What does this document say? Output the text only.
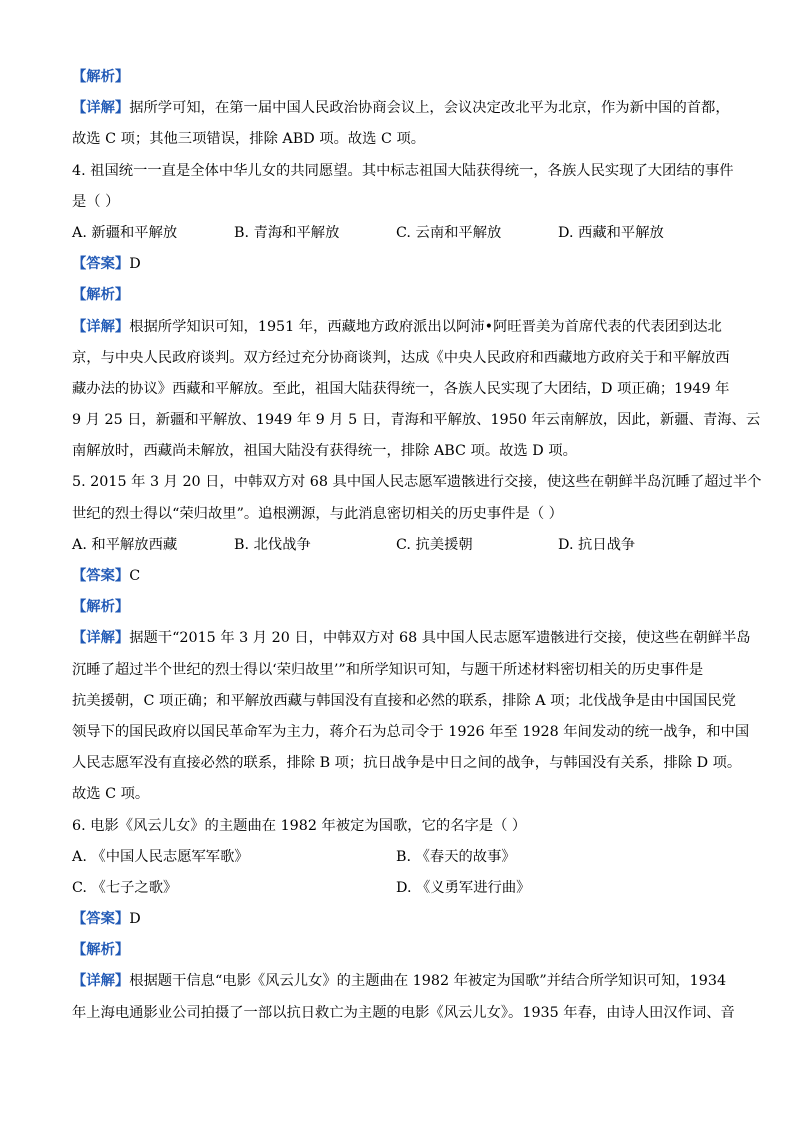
【解析】
【详解】据所学可知，在第一届中国人民政治协商会议上，会议决定改北平为北京，作为新中国的首都，
故选 C 项；其他三项错误，排除 ABD 项。故选 C 项。
4. 祖国统一一直是全体中华儿女的共同愿望。其中标志祖国大陆获得统一，各族人民实现了大团结的事件
是（ ）
A. 新疆和平解放	B. 青海和平解放	C. 云南和平解放	D. 西藏和平解放
【答案】D
【解析】
【详解】根据所学知识可知，1951 年，西藏地方政府派出以阿沛•阿旺晋美为首席代表的代表团到达北
京，与中央人民政府谈判。双方经过充分协商谈判，达成《中央人民政府和西藏地方政府关于和平解放西
藏办法的协议》西藏和平解放。至此，祖国大陆获得统一，各族人民实现了大团结，D 项正确；1949 年
9 月 25 日，新疆和平解放、1949 年 9 月 5 日，青海和平解放、1950 年云南解放，因此，新疆、青海、云
南解放时，西藏尚未解放，祖国大陆没有获得统一，排除 ABC 项。故选 D 项。
5. 2015 年 3 月 20 日，中韩双方对 68 具中国人民志愿军遗骸进行交接，使这些在朝鲜半岛沉睡了超过半个
世纪的烈士得以“荣归故里”。追根溯源，与此消息密切相关的历史事件是（ ）
A. 和平解放西藏	B. 北伐战争	C. 抗美援朝	D. 抗日战争
【答案】C
【解析】
【详解】据题干“2015 年 3 月 20 日，中韩双方对 68 具中国人民志愿军遗骸进行交接，使这些在朝鲜半岛
沉睡了超过半个世纪的烈士得以‘荣归故里’”和所学知识可知，与题干所述材料密切相关的历史事件是
抗美援朝，C 项正确；和平解放西藏与韩国没有直接和必然的联系，排除 A 项；北伐战争是由中国国民党
领导下的国民政府以国民革命军为主力，蒋介石为总司令于 1926 年至 1928 年间发动的统一战争，和中国
人民志愿军没有直接必然的联系，排除 B 项；抗日战争是中日之间的战争，与韩国没有关系，排除 D 项。
故选 C 项。
6. 电影《风云儿女》的主题曲在 1982 年被定为国歌，它的名字是（ ）
A. 《中国人民志愿军军歌》	B. 《春天的故事》
C. 《七子之歌》	D. 《义勇军进行曲》
【答案】D
【解析】
【详解】根据题干信息“电影《风云儿女》的主题曲在 1982 年被定为国歌”并结合所学知识可知，1934
年上海电通影业公司拍摄了一部以抗日救亡为主题的电影《风云儿女》。1935 年春，由诗人田汉作词、音
